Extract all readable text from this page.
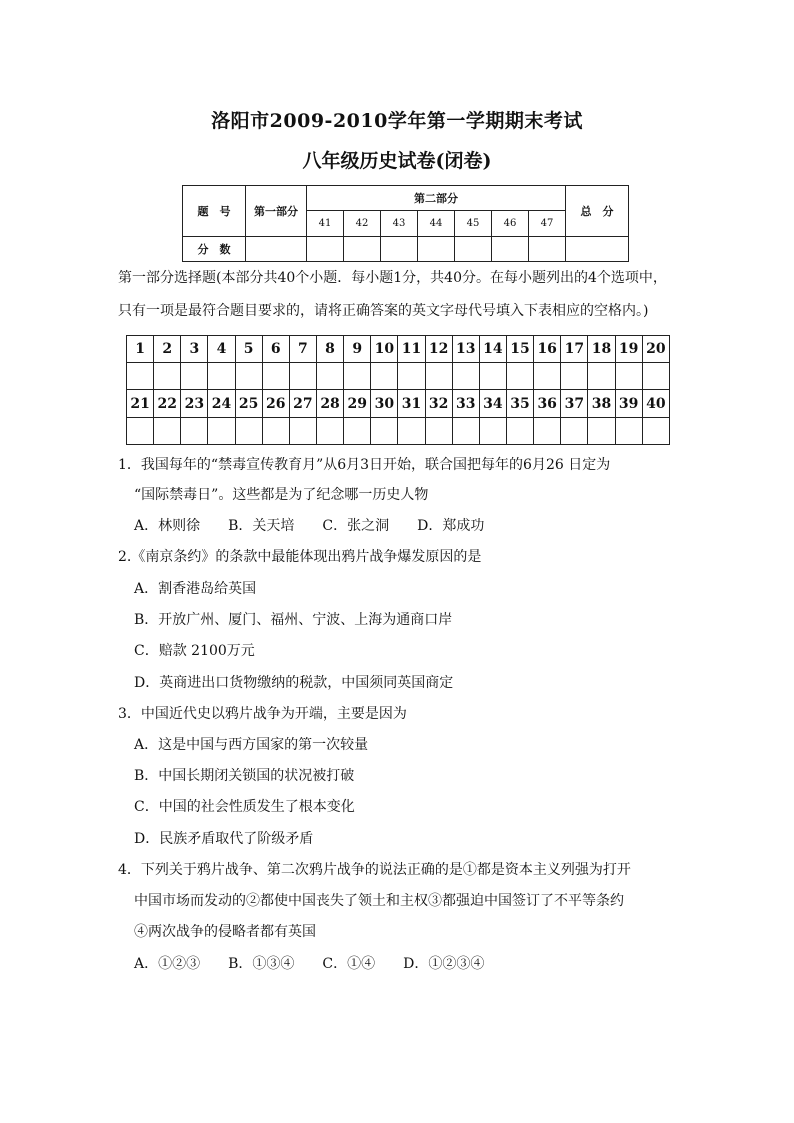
洛阳市2009-2010学年第一学期期末考试
八年级历史试卷(闭卷)
题　号	第一部分	第二部分							总　分
		41	42	43	44	45	46	47	
分　数									
第一部分选择题(本部分共40个小题．每小题1分，共40分。在每小题列出的4个选项中，
只有一项是最符合题目要求的，请将正确答案的英文字母代号填入下表相应的空格内。)
1	2	3	4	5	6	7	8	9	10	11	12	13	14	15	16	17	18	19	20

21	22	23	24	25	26	27	28	29	30	31	32	33	34	35	36	37	38	39	40

1．我国每年的“禁毒宣传教育月”从6月3日开始，联合国把每年的6月26 日定为
“国际禁毒日”。这些都是为了纪念哪一历史人物
A．林则徐　　B．关天培　　C．张之洞　　D．郑成功
2.《南京条约》的条款中最能体现出鸦片战争爆发原因的是
A．割香港岛给英国
B．开放广州、厦门、福州、宁波、上海为通商口岸
C．赔款 2100万元
D．英商进出口货物缴纳的税款，中国须同英国商定
3．中国近代史以鸦片战争为开端，主要是因为
A．这是中国与西方国家的第一次较量
B．中国长期闭关锁国的状况被打破
C．中国的社会性质发生了根本变化
D．民族矛盾取代了阶级矛盾
4．下列关于鸦片战争、第二次鸦片战争的说法正确的是①都是资本主义列强为打开
中国市场而发动的②都使中国丧失了领土和主权③都强迫中国签订了不平等条约
④两次战争的侵略者都有英国
A．①②③　　B．①③④　　C．①④　　D．①②③④
